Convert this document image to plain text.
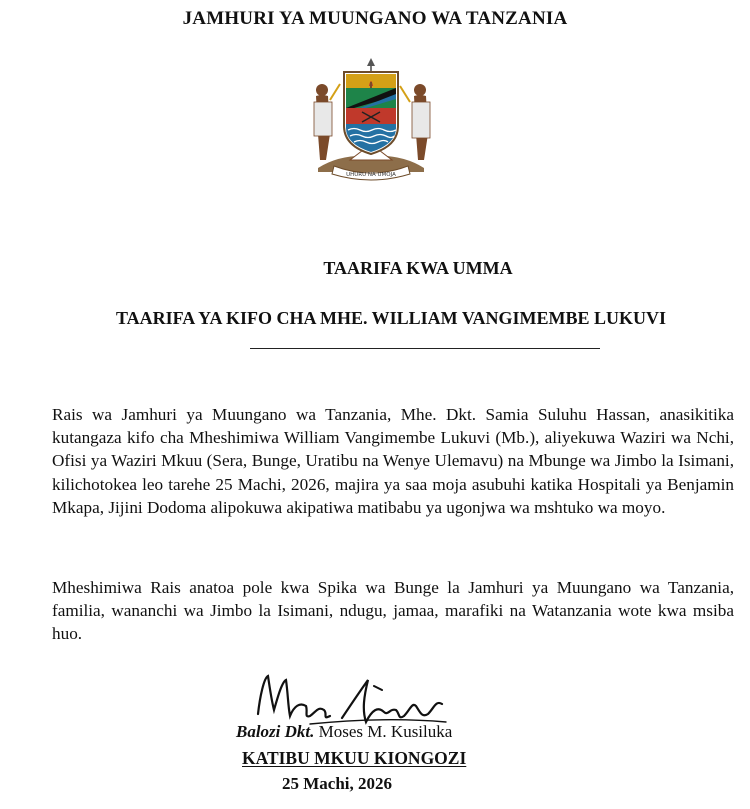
JAMHURI YA MUUNGANO WA TANZANIA
UHURU NA UMOJA
TAARIFA KWA UMMA
TAARIFA YA KIFO CHA MHE. WILLIAM VANGIMEMBE LUKUVI

Rais wa Jamhuri ya Muungano wa Tanzania, Mhe. Dkt. Samia Suluhu Hassan, anasikitika kutangaza kifo cha Mheshimiwa William Vangimembe Lukuvi (Mb.), aliyekuwa Waziri wa Nchi, Ofisi ya Waziri Mkuu (Sera, Bunge, Uratibu na Wenye Ulemavu) na Mbunge wa Jimbo la Isimani, kilichotokea leo tarehe 25 Machi, 2026, majira ya saa moja asubuhi katika Hospitali ya Benjamin Mkapa, Jijini Dodoma alipokuwa akipatiwa matibabu ya ugonjwa wa mshtuko wa moyo.

Mheshimiwa Rais anatoa pole kwa Spika wa Bunge la Jamhuri ya Muungano wa Tanzania, familia, wananchi wa Jimbo la Isimani, ndugu, jamaa, marafiki na Watanzania wote kwa msiba huo.

Balozi Dkt. Moses M. Kusiluka
KATIBU MKUU KIONGOZI
25 Machi, 2026
